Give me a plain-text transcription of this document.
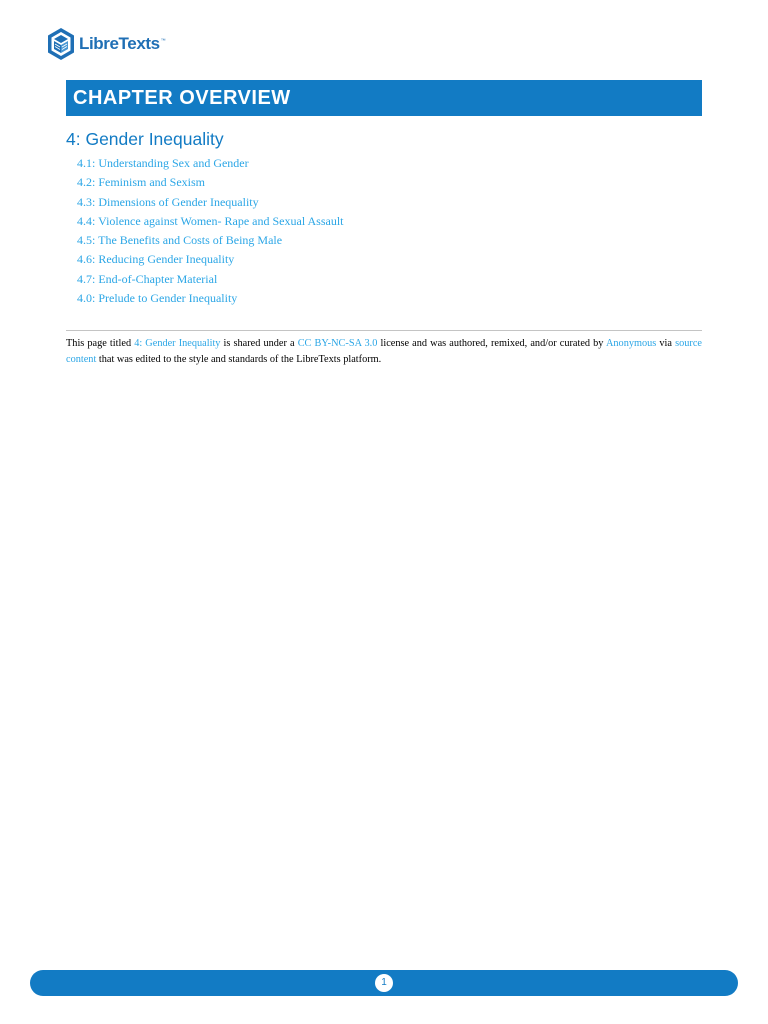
LibreTexts ™
CHAPTER OVERVIEW
4: Gender Inequality
4.1: Understanding Sex and Gender
4.2: Feminism and Sexism
4.3: Dimensions of Gender Inequality
4.4: Violence against Women- Rape and Sexual Assault
4.5: The Benefits and Costs of Being Male
4.6: Reducing Gender Inequality
4.7: End-of-Chapter Material
4.0: Prelude to Gender Inequality
This page titled 4: Gender Inequality is shared under a CC BY-NC-SA 3.0 license and was authored, remixed, and/or curated by Anonymous via source content that was edited to the style and standards of the LibreTexts platform.
1
